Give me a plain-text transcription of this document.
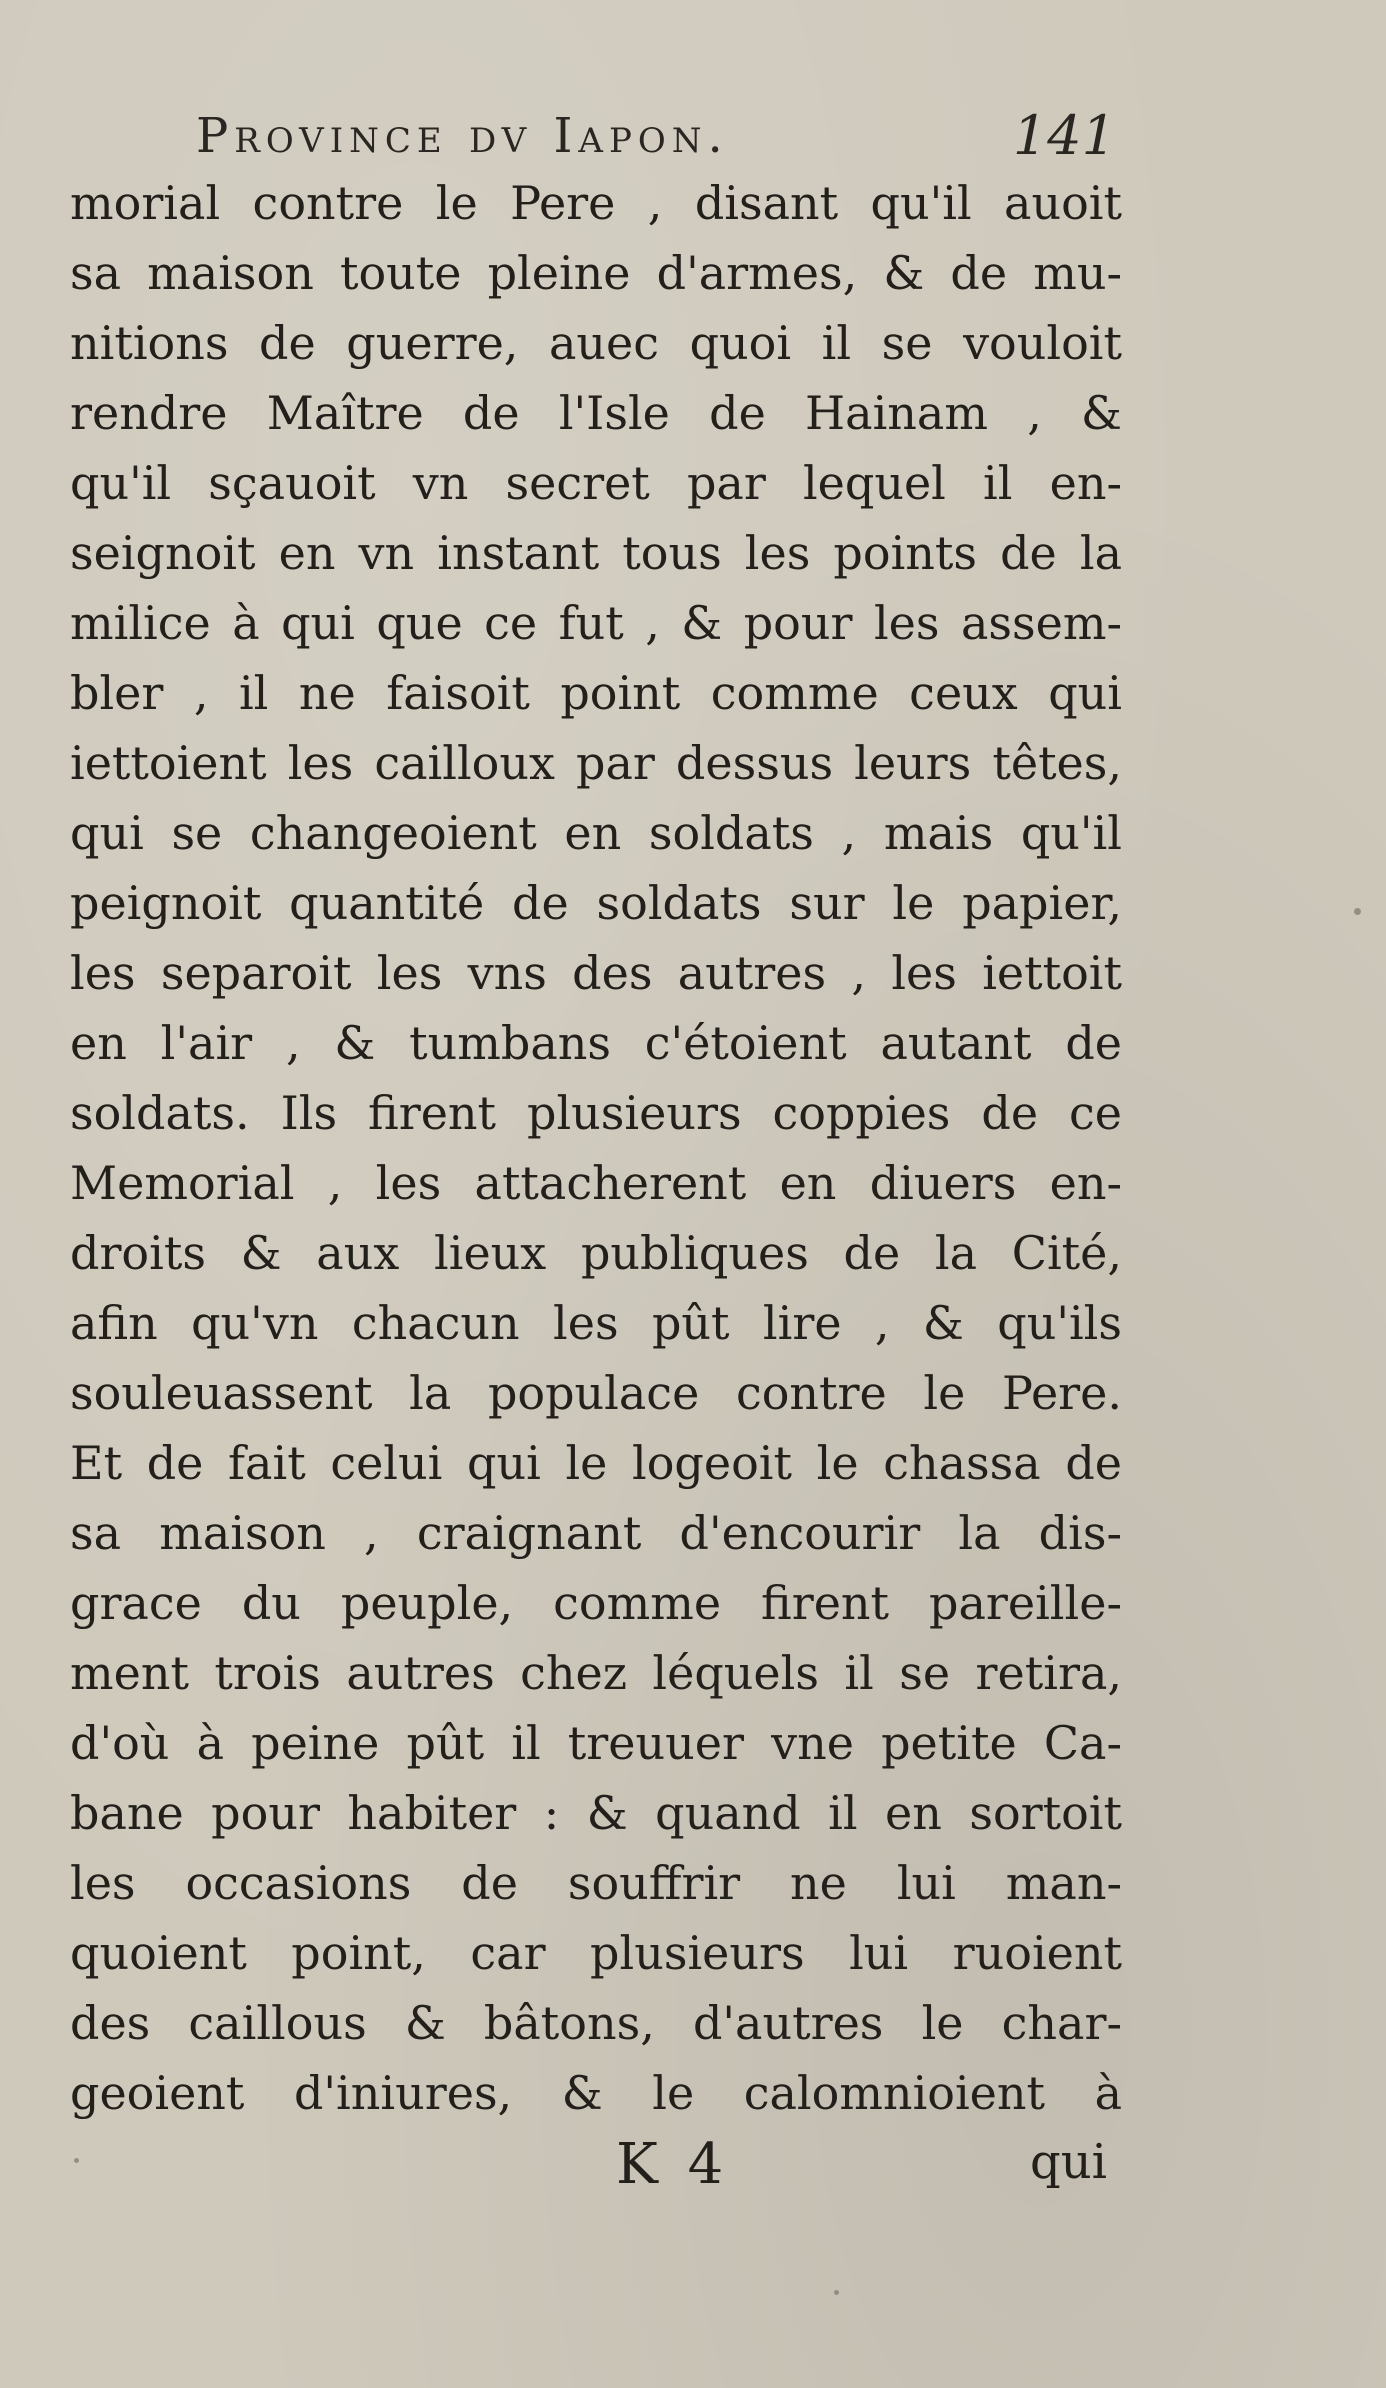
Province dv Iapon.	141
morial contre le Pere , disant qu'il auoit
sa maison toute pleine d'armes, & de mu-
nitions de guerre, auec quoi il se vouloit
rendre Maître de l'Isle de Hainam , &
qu'il sçauoit vn secret par lequel il en-
seignoit en vn instant tous les points de la
milice à qui que ce fut , & pour les assem-
bler , il ne faisoit point comme ceux qui
iettoient les cailloux par dessus leurs têtes,
qui se changeoient en soldats , mais qu'il
peignoit quantité de soldats sur le papier,
les separoit les vns des autres , les iettoit
en l'air , & tumbans c'étoient autant de
soldats. Ils firent plusieurs coppies de ce
Memorial , les attacherent en diuers en-
droits & aux lieux publiques de la Cité,
afin qu'vn chacun les pût lire , & qu'ils
souleuassent la populace contre le Pere.
Et de fait celui qui le logeoit le chassa de
sa maison , craignant d'encourir la dis-
grace du peuple, comme firent pareille-
ment trois autres chez léquels il se retira,
d'où à peine pût il treuuer vne petite Ca-
bane pour habiter : & quand il en sortoit
les occasions de souffrir ne lui man-
quoient point, car plusieurs lui ruoient
des caillous & bâtons, d'autres le char-
geoient d'iniures, & le calomnioient à
K 4	qui
